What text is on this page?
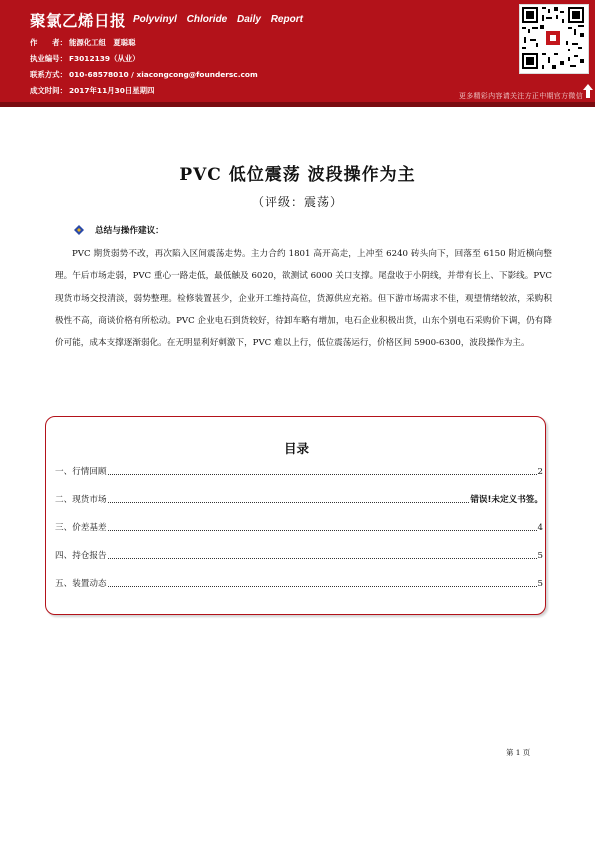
聚氯乙烯日报 Polyvinyl Chloride Daily Report
作　　者： 能源化工组　夏聪聪
执业编号： F3012139（从业）
联系方式： 010-68578010 / xiacongcong@foundersc.com
成文时间： 2017年11月30日星期四
更多精彩内容请关注方正中期官方微信
PVC 低位震荡 波段操作为主
（评级：震荡）
总结与操作建议：

PVC 期货弱势不改，再次陷入区间震荡走势。主力合约 1801 高开高走，上冲至 6240 砖头向下，回落至 6150 附近横向整理。午后市场走弱，PVC 重心一路走低，最低触及 6020，欲测试 6000 关口支撑。尾盘收于小阴线，并带有长上、下影线。PVC 现货市场交投清淡，弱势整理。检修装置甚少，企业开工维持高位，货源供应充裕。但下游市场需求不佳，观望情绪较浓，采购积极性不高，商谈价格有所松动。PVC 企业电石到货较好，待卸车略有增加，电石企业积极出货，山东个别电石采购价下调，仍有降价可能，成本支撑逐渐弱化。在无明显利好刺激下，PVC 难以上行，低位震荡运行，价格区间 5900-6300，波段操作为主。

目录
一、行情回顾	2
二、现货市场	错误!未定义书签。
三、价差基差	4
四、持仓报告	5
五、装置动态	5
第 1 页
